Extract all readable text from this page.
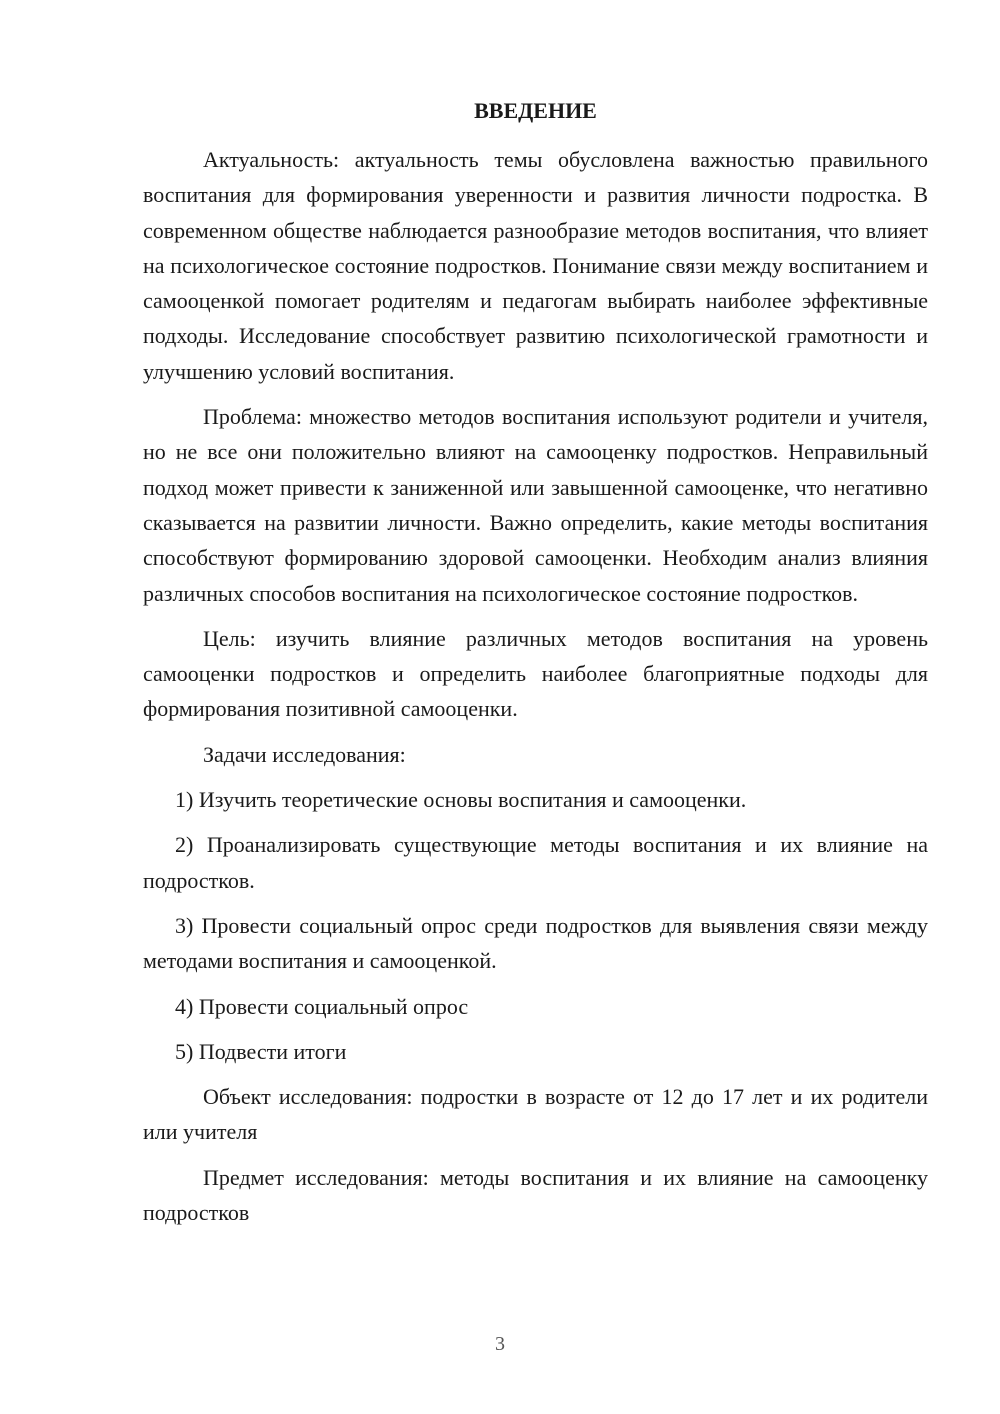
ВВЕДЕНИЕ

Актуальность: актуальность темы обусловлена важностью правильного воспитания для формирования уверенности и развития личности подростка. В современном обществе наблюдается разнообразие методов воспитания, что влияет на психологическое состояние подростков. Понимание связи между воспитанием и самооценкой помогает родителям и педагогам выбирать наиболее эффективные подходы. Исследование способствует развитию психологической грамотности и улучшению условий воспитания.

Проблема: множество методов воспитания используют родители и учителя, но не все они положительно влияют на самооценку подростков. Неправильный подход может привести к заниженной или завышенной самооценке, что негативно сказывается на развитии личности. Важно определить, какие методы воспитания способствуют формированию здоровой самооценки. Необходим анализ влияния различных способов воспитания на психологическое состояние подростков.

Цель: изучить влияние различных методов воспитания на уровень самооценки подростков и определить наиболее благоприятные подходы для формирования позитивной самооценки.

Задачи исследования:

1) Изучить теоретические основы воспитания и самооценки.

2) Проанализировать существующие методы воспитания и их влияние на подростков.

3) Провести социальный опрос среди подростков для выявления связи между методами воспитания и самооценкой.

4) Провести социальный опрос

5) Подвести итоги

Объект исследования: подростки в возрасте от 12 до 17 лет и их родители или учителя

Предмет исследования: методы воспитания и их влияние на самооценку подростков

3
